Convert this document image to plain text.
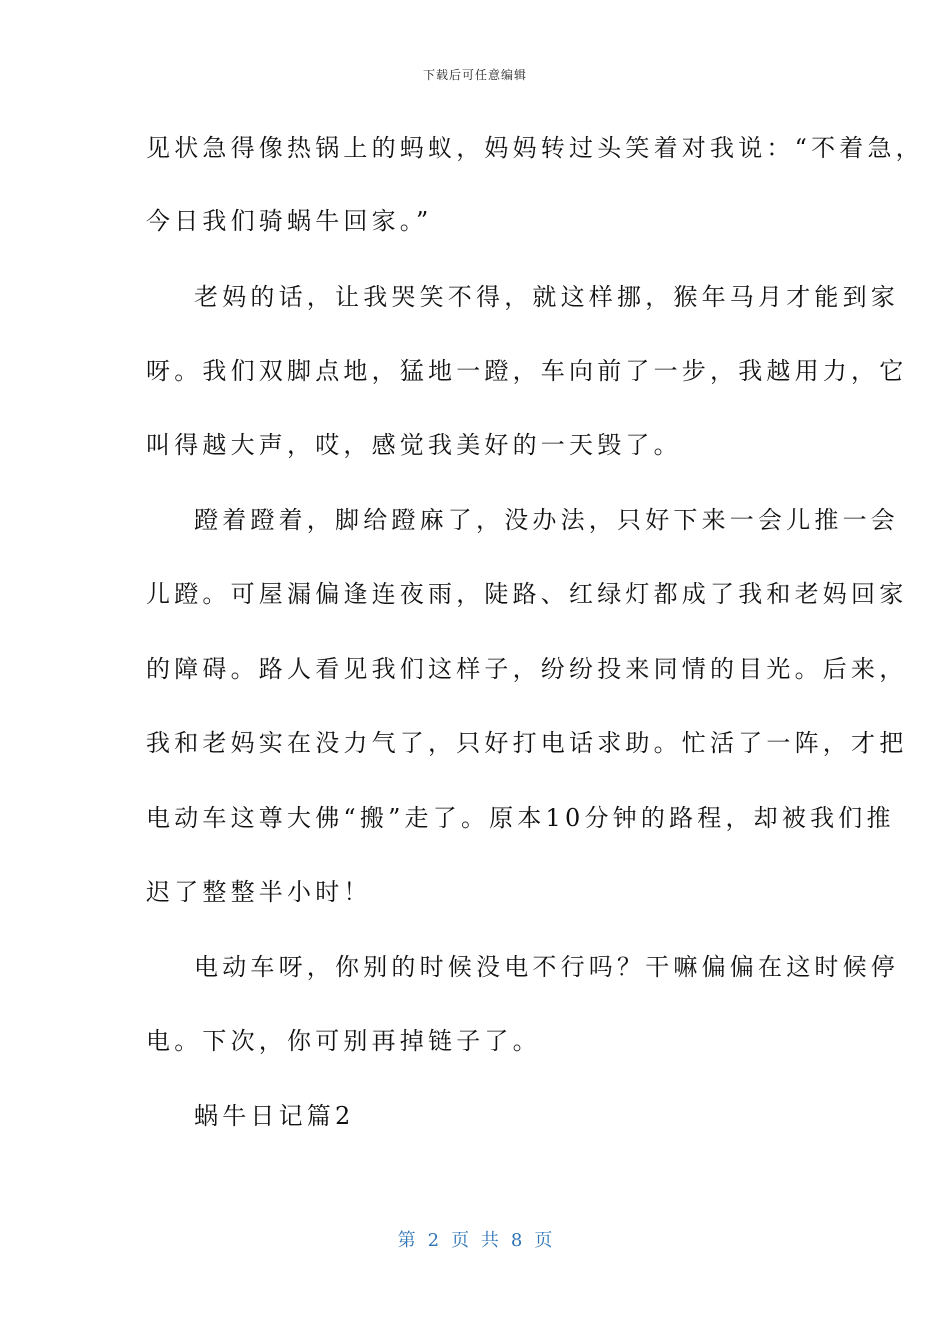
下载后可任意编辑
见状急得像热锅上的蚂蚁，妈妈转过头笑着对我说：“不着急，
今日我们骑蜗牛回家。”
老妈的话，让我哭笑不得，就这样挪，猴年马月才能到家
呀。我们双脚点地，猛地一蹬，车向前了一步，我越用力，它
叫得越大声，哎，感觉我美好的一天毁了。
蹬着蹬着，脚给蹬麻了，没办法，只好下来一会儿推一会
儿蹬。可屋漏偏逢连夜雨，陡路、红绿灯都成了我和老妈回家
的障碍。路人看见我们这样子，纷纷投来同情的目光。后来，
我和老妈实在没力气了，只好打电话求助。忙活了一阵，才把
电动车这尊大佛“搬”走了。原本10分钟的路程，却被我们推
迟了整整半小时！
电动车呀，你别的时候没电不行吗？干嘛偏偏在这时候停
电。下次，你可别再掉链子了。
蜗牛日记篇2
第 2 页 共 8 页
